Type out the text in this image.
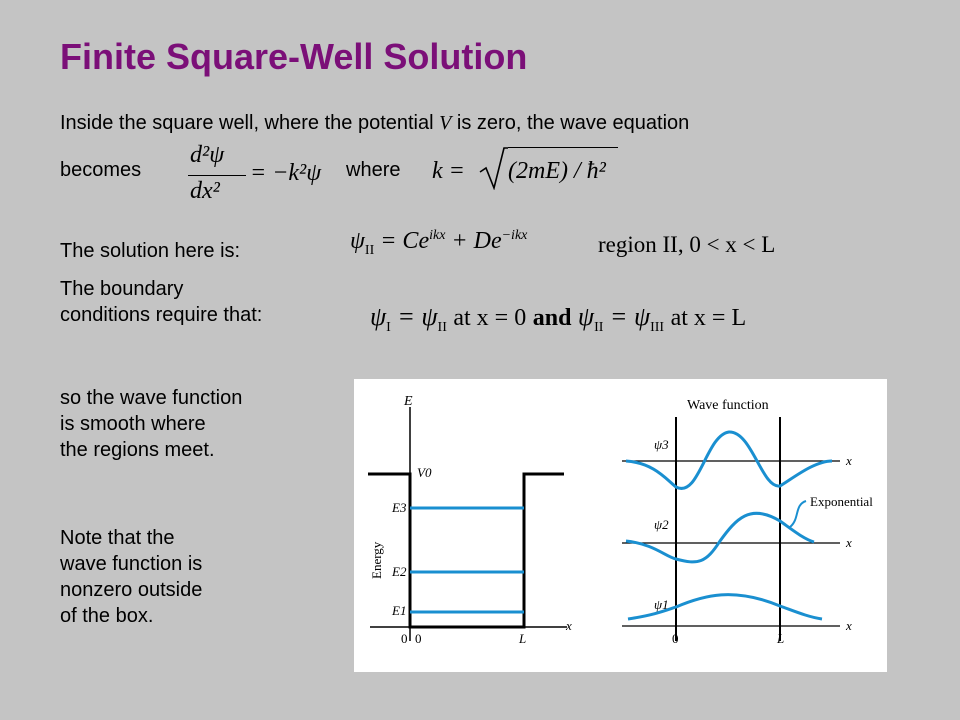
Finite Square-Well Solution

Inside the square well, where the potential V is zero, the wave equation

becomes

d²ψ
dx²
= −k²ψ where k = (2mE) / ħ²

The solution here is:	$\psi_{II} = Ce^{ikx} + De^{-ikx}$	region II, 0 < x < L

The boundary

conditions require that:	$\psi_I = \psi_{II}$ at x = 0 and $\psi_{II} = \psi_{III}$ at x = L

so the wave function

is smooth where

the regions meet.

Note that the

wave function is

nonzero outside

of the box.

E
V0
E3
E2
E1
Energy
0 0	L
x
Wave function
ψ3
ψ2
ψ1
Exponential
x
x
x
0	L
